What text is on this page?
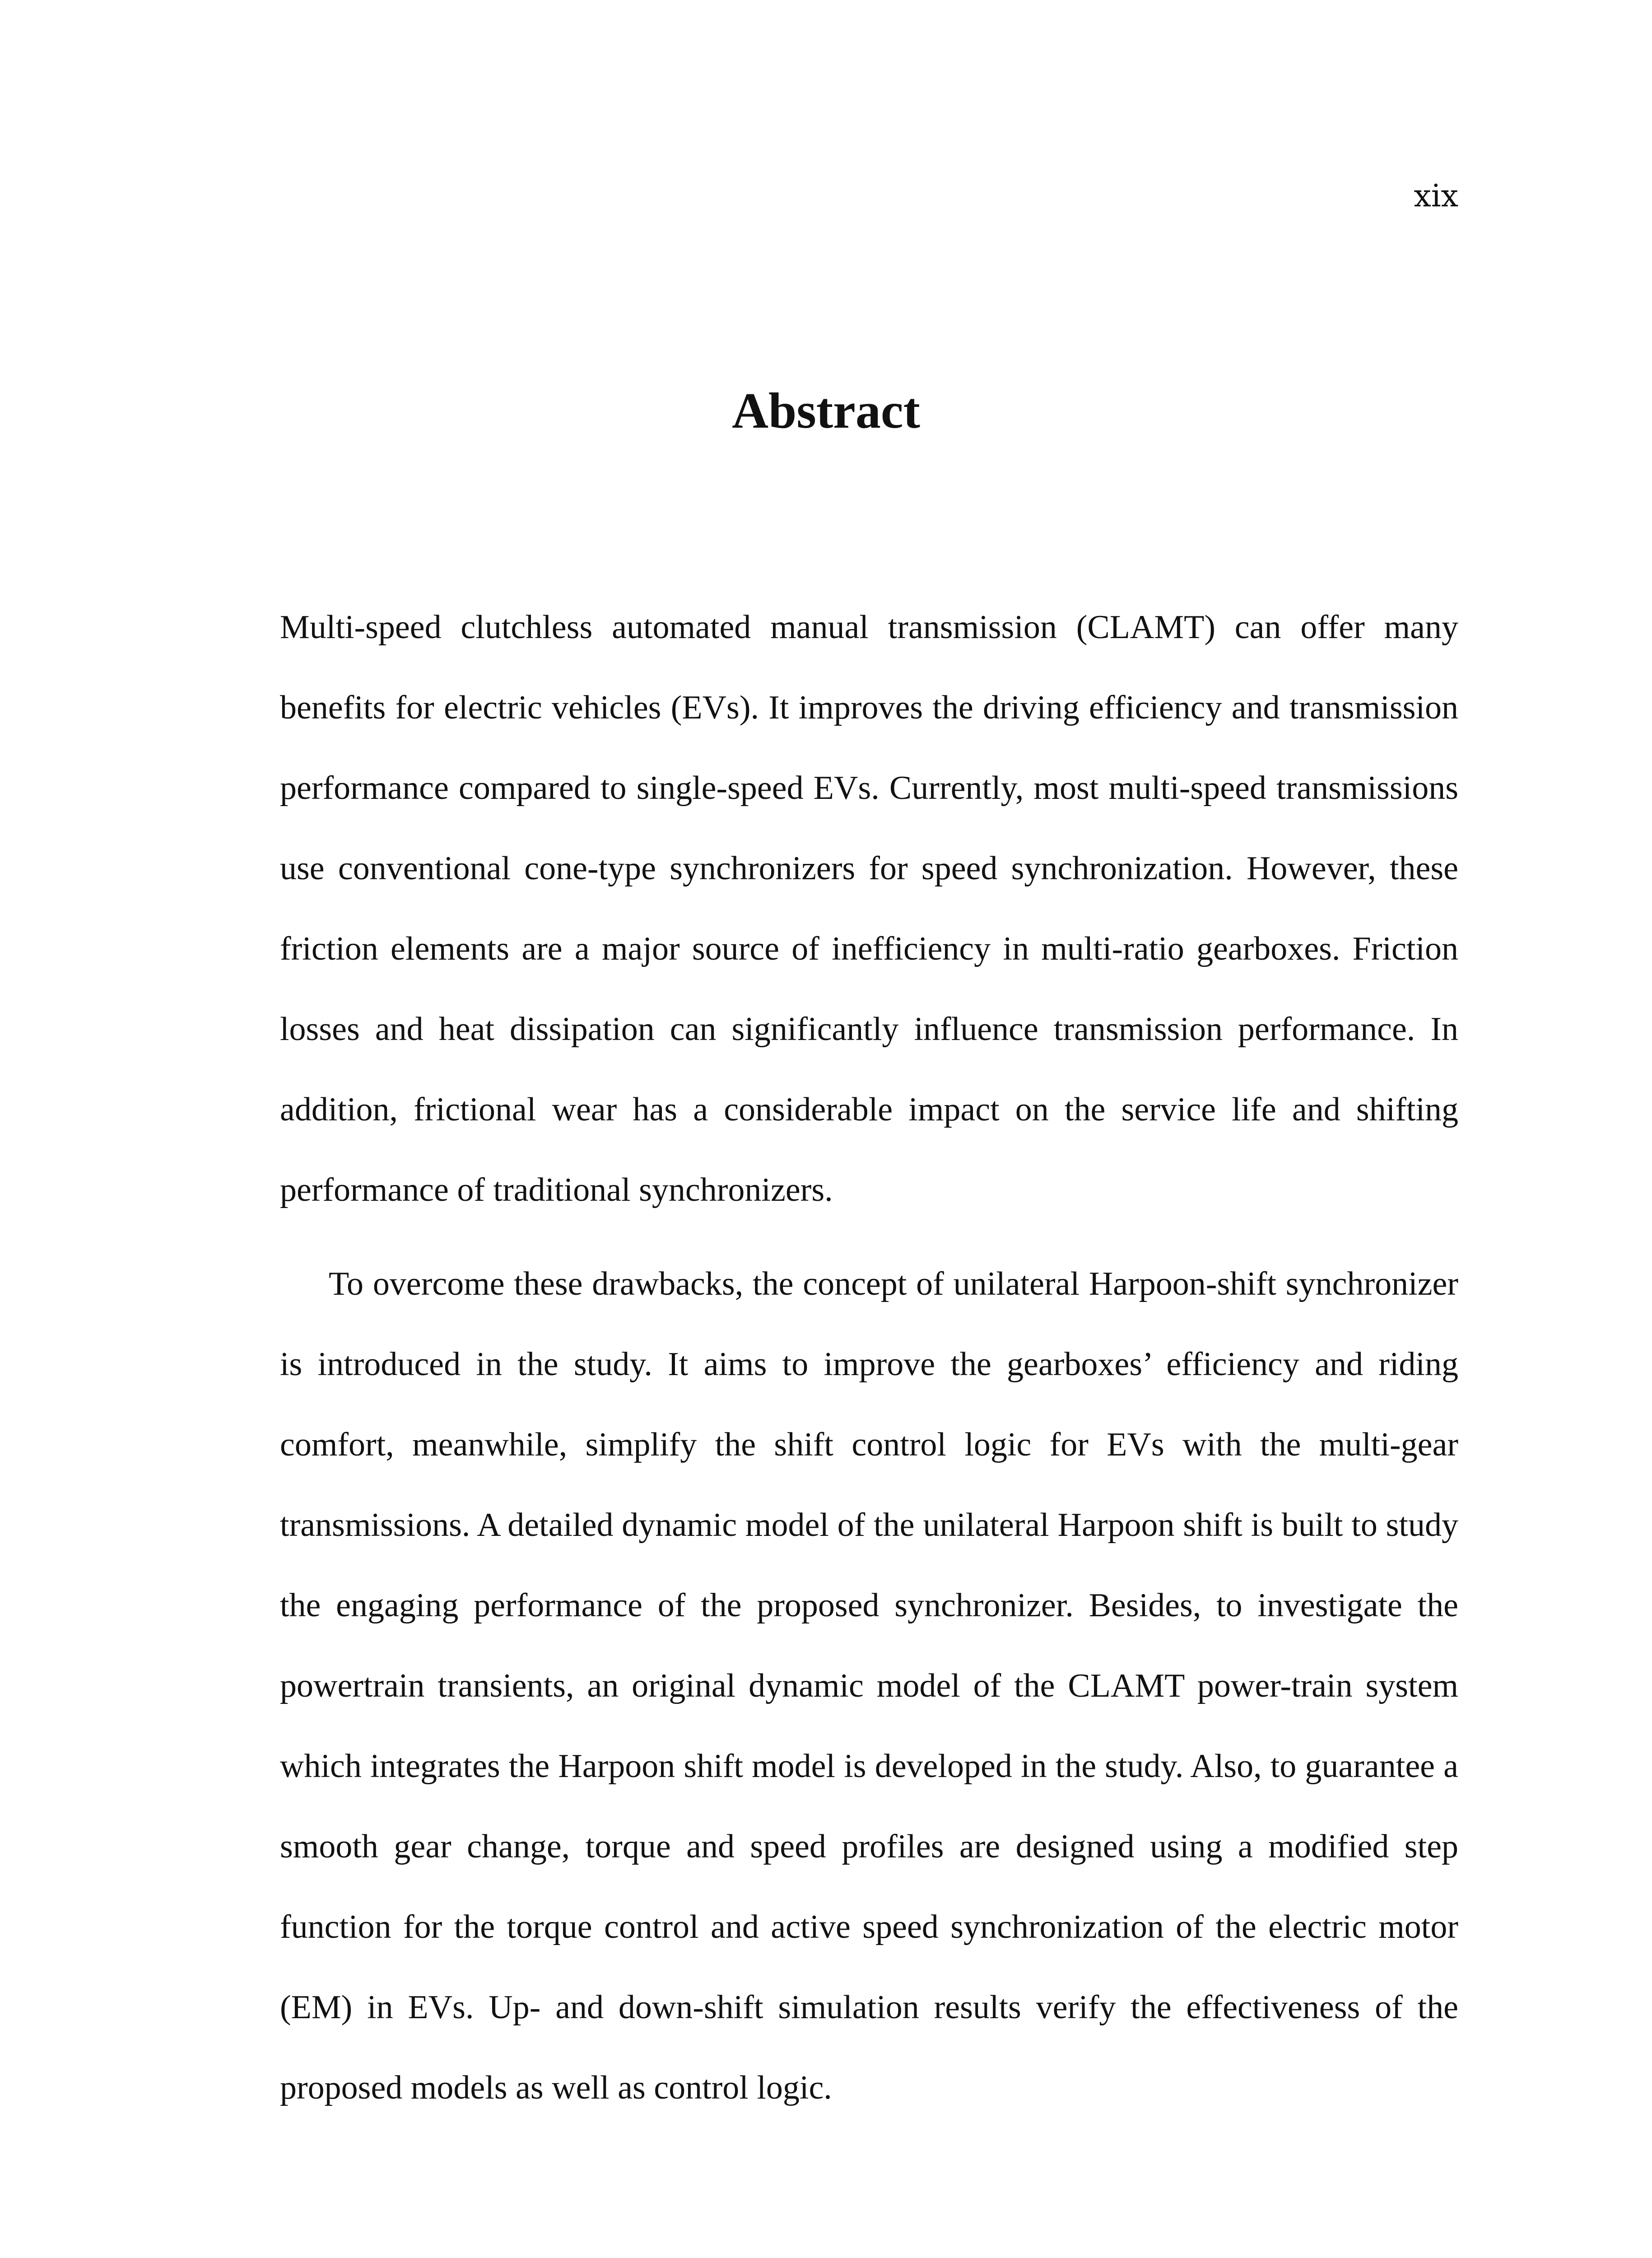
xix
Abstract

Multi-speed clutchless automated manual transmission (CLAMT) can offer many benefits for electric vehicles (EVs). It improves the driving efficiency and transmission performance compared to single-speed EVs. Currently, most multi-speed transmissions use conventional cone-type synchronizers for speed synchronization. However, these friction elements are a major source of inefficiency in multi-ratio gearboxes. Friction losses and heat dissipation can significantly influence transmission performance. In addition, frictional wear has a considerable impact on the service life and shifting performance of traditional synchronizers.

To overcome these drawbacks, the concept of unilateral Harpoon-shift synchronizer is introduced in the study. It aims to improve the gearboxes’ efficiency and riding comfort, meanwhile, simplify the shift control logic for EVs with the multi-gear transmissions. A detailed dynamic model of the unilateral Harpoon shift is built to study the engaging performance of the proposed synchronizer. Besides, to investigate the powertrain transients, an original dynamic model of the CLAMT power-train system which integrates the Harpoon shift model is developed in the study. Also, to guarantee a smooth gear change, torque and speed profiles are designed using a modified step function for the torque control and active speed synchronization of the electric motor (EM) in EVs. Up- and down-shift simulation results verify the effectiveness of the proposed models as well as control logic.
